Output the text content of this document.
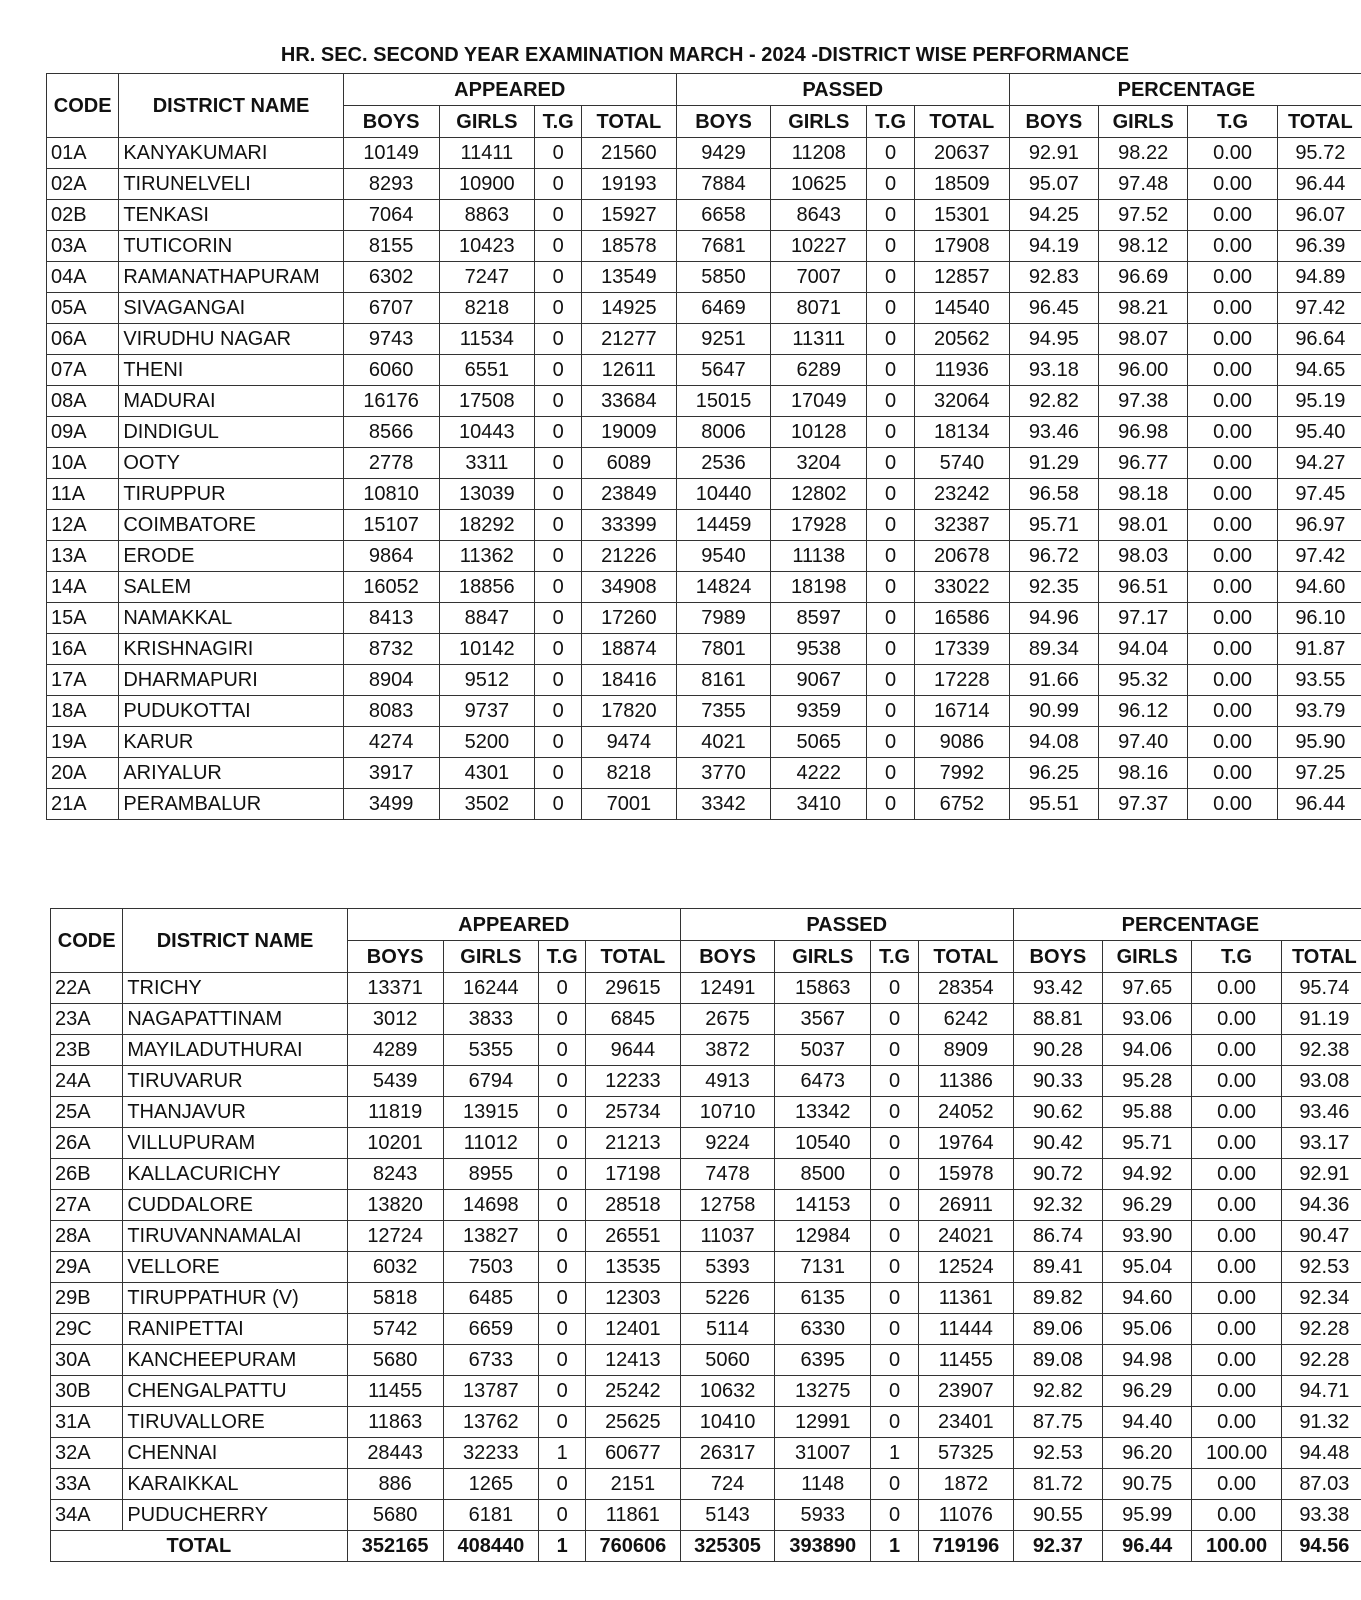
HR. SEC. SECOND YEAR EXAMINATION MARCH - 2024 -DISTRICT WISE PERFORMANCE
CODE	DISTRICT NAME	APPEARED				PASSED				PERCENTAGE			
		BOYS	GIRLS	T.G	TOTAL	BOYS	GIRLS	T.G	TOTAL	BOYS	GIRLS	T.G	TOTAL
01A	KANYAKUMARI	10149	11411	0	21560	9429	11208	0	20637	92.91	98.22	0.00	95.72
02A	TIRUNELVELI	8293	10900	0	19193	7884	10625	0	18509	95.07	97.48	0.00	96.44
02B	TENKASI	7064	8863	0	15927	6658	8643	0	15301	94.25	97.52	0.00	96.07
03A	TUTICORIN	8155	10423	0	18578	7681	10227	0	17908	94.19	98.12	0.00	96.39
04A	RAMANATHAPURAM	6302	7247	0	13549	5850	7007	0	12857	92.83	96.69	0.00	94.89
05A	SIVAGANGAI	6707	8218	0	14925	6469	8071	0	14540	96.45	98.21	0.00	97.42
06A	VIRUDHU NAGAR	9743	11534	0	21277	9251	11311	0	20562	94.95	98.07	0.00	96.64
07A	THENI	6060	6551	0	12611	5647	6289	0	11936	93.18	96.00	0.00	94.65
08A	MADURAI	16176	17508	0	33684	15015	17049	0	32064	92.82	97.38	0.00	95.19
09A	DINDIGUL	8566	10443	0	19009	8006	10128	0	18134	93.46	96.98	0.00	95.40
10A	OOTY	2778	3311	0	6089	2536	3204	0	5740	91.29	96.77	0.00	94.27
11A	TIRUPPUR	10810	13039	0	23849	10440	12802	0	23242	96.58	98.18	0.00	97.45
12A	COIMBATORE	15107	18292	0	33399	14459	17928	0	32387	95.71	98.01	0.00	96.97
13A	ERODE	9864	11362	0	21226	9540	11138	0	20678	96.72	98.03	0.00	97.42
14A	SALEM	16052	18856	0	34908	14824	18198	0	33022	92.35	96.51	0.00	94.60
15A	NAMAKKAL	8413	8847	0	17260	7989	8597	0	16586	94.96	97.17	0.00	96.10
16A	KRISHNAGIRI	8732	10142	0	18874	7801	9538	0	17339	89.34	94.04	0.00	91.87
17A	DHARMAPURI	8904	9512	0	18416	8161	9067	0	17228	91.66	95.32	0.00	93.55
18A	PUDUKOTTAI	8083	9737	0	17820	7355	9359	0	16714	90.99	96.12	0.00	93.79
19A	KARUR	4274	5200	0	9474	4021	5065	0	9086	94.08	97.40	0.00	95.90
20A	ARIYALUR	3917	4301	0	8218	3770	4222	0	7992	96.25	98.16	0.00	97.25
21A	PERAMBALUR	3499	3502	0	7001	3342	3410	0	6752	95.51	97.37	0.00	96.44
CODE	DISTRICT NAME	APPEARED				PASSED				PERCENTAGE			
		BOYS	GIRLS	T.G	TOTAL	BOYS	GIRLS	T.G	TOTAL	BOYS	GIRLS	T.G	TOTAL
22A	TRICHY	13371	16244	0	29615	12491	15863	0	28354	93.42	97.65	0.00	95.74
23A	NAGAPATTINAM	3012	3833	0	6845	2675	3567	0	6242	88.81	93.06	0.00	91.19
23B	MAYILADUTHURAI	4289	5355	0	9644	3872	5037	0	8909	90.28	94.06	0.00	92.38
24A	TIRUVARUR	5439	6794	0	12233	4913	6473	0	11386	90.33	95.28	0.00	93.08
25A	THANJAVUR	11819	13915	0	25734	10710	13342	0	24052	90.62	95.88	0.00	93.46
26A	VILLUPURAM	10201	11012	0	21213	9224	10540	0	19764	90.42	95.71	0.00	93.17
26B	KALLACURICHY	8243	8955	0	17198	7478	8500	0	15978	90.72	94.92	0.00	92.91
27A	CUDDALORE	13820	14698	0	28518	12758	14153	0	26911	92.32	96.29	0.00	94.36
28A	TIRUVANNAMALAI	12724	13827	0	26551	11037	12984	0	24021	86.74	93.90	0.00	90.47
29A	VELLORE	6032	7503	0	13535	5393	7131	0	12524	89.41	95.04	0.00	92.53
29B	TIRUPPATHUR (V)	5818	6485	0	12303	5226	6135	0	11361	89.82	94.60	0.00	92.34
29C	RANIPETTAI	5742	6659	0	12401	5114	6330	0	11444	89.06	95.06	0.00	92.28
30A	KANCHEEPURAM	5680	6733	0	12413	5060	6395	0	11455	89.08	94.98	0.00	92.28
30B	CHENGALPATTU	11455	13787	0	25242	10632	13275	0	23907	92.82	96.29	0.00	94.71
31A	TIRUVALLORE	11863	13762	0	25625	10410	12991	0	23401	87.75	94.40	0.00	91.32
32A	CHENNAI	28443	32233	1	60677	26317	31007	1	57325	92.53	96.20	100.00	94.48
33A	KARAIKKAL	886	1265	0	2151	724	1148	0	1872	81.72	90.75	0.00	87.03
34A	PUDUCHERRY	5680	6181	0	11861	5143	5933	0	11076	90.55	95.99	0.00	93.38
TOTAL		352165	408440	1	760606	325305	393890	1	719196	92.37	96.44	100.00	94.56
